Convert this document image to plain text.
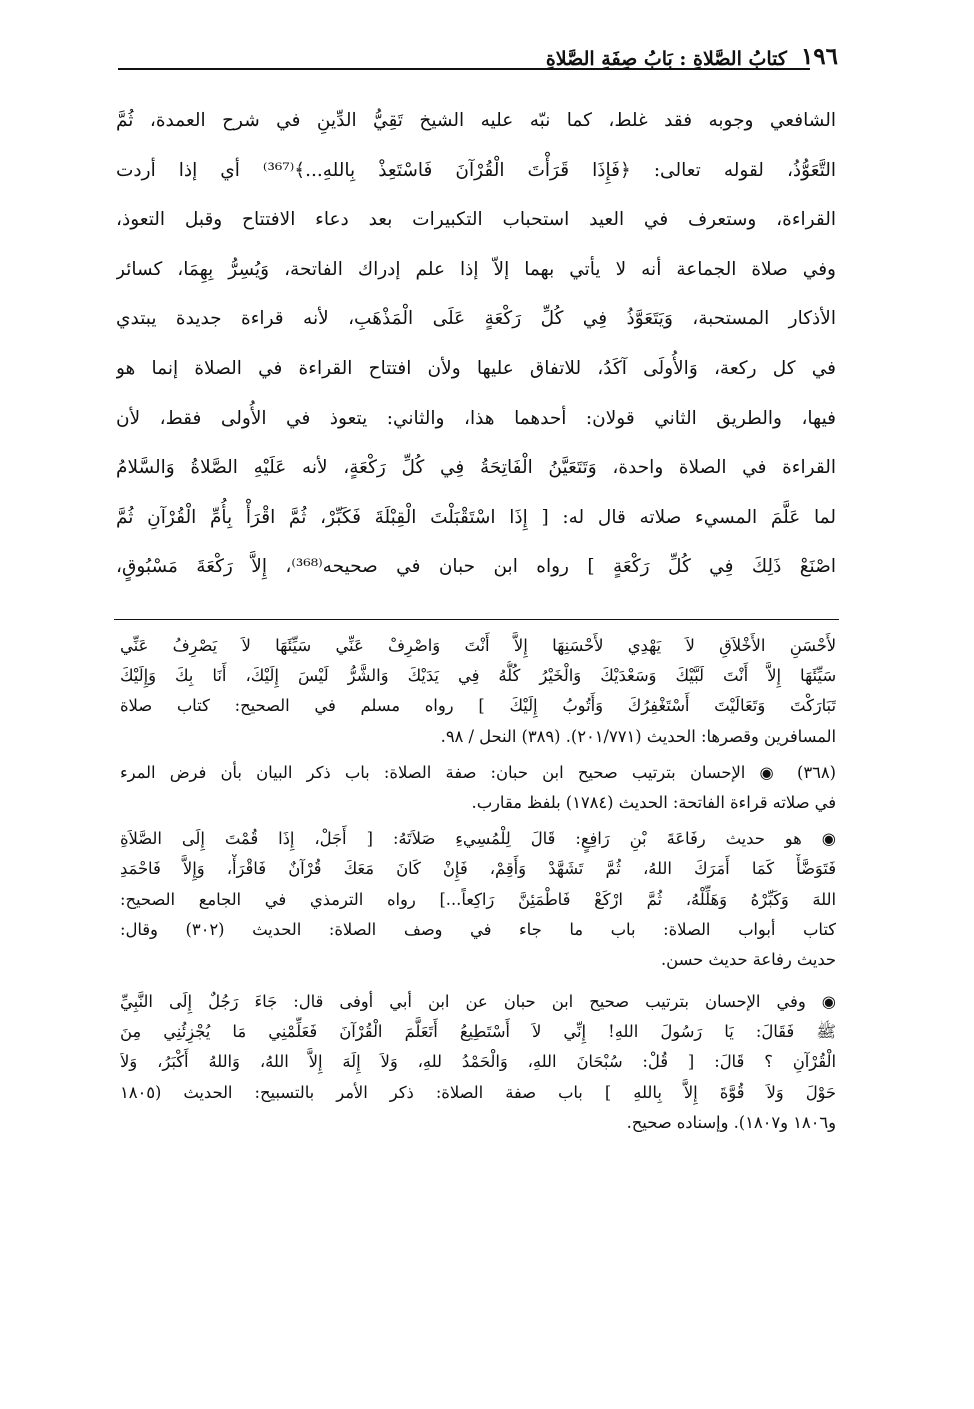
١٩٦
كتابُ الصَّلاةِ : بَابُ صِفَةِ الصَّلاةِ
الشافعي وجوبه فقد غلط، كما نبّه عليه الشيخ تَقِيُّ الدِّينِ في شرح العمدة، ثُمَّ
التَّعَوُّذُ، لقوله تعالى: ﴿فَإِذَا قَرَأْتَ الْقُرْآنَ فَاسْتَعِذْ بِاللهِ...﴾⁽³⁶⁷⁾ أي إذا أردت
القراءة، وستعرف في العيد استحباب التكبيرات بعد دعاء الافتتاح وقبل التعوذ،
وفي صلاة الجماعة أنه لا يأتي بهما إلاّ إذا علم إدراك الفاتحة، وَيُسِرُّ بِهِمَا، كسائر
الأذكار المستحبة، وَيَتَعَوَّذُ فِي كُلِّ رَكْعَةٍ عَلَى الْمَذْهَبِ، لأنه قراءة جديدة يبتدي
في كل ركعة، وَالأُولَى آكَدُ، للاتفاق عليها ولأن افتتاح القراءة في الصلاة إنما هو
فيها، والطريق الثاني قولان: أحدهما هذا، والثاني: يتعوذ في الأُولى فقط، لأن
القراءة في الصلاة واحدة، وَتَتَعَيَّنُ الْفَاتِحَةُ فِي كُلِّ رَكْعَةٍ، لأنه عَلَيْهِ الصَّلاةُ وَالسَّلامُ
لما عَلَّمَ المسيء صلاته قال له: [ إِذَا اسْتَقْبَلْتَ الْقِبْلَةَ فَكَبِّرْ، ثُمَّ اقْرَأْ بِأُمِّ الْقُرْآنِ ثُمَّ
اصْنَعْ ذَلِكَ فِي كُلِّ رَكْعَةٍ ] رواه ابن حبان في صحيحه⁽³⁶⁸⁾، إِلاَّ رَكْعَةَ مَسْبُوقٍ،
لأَحْسَنِ الأَخْلاَقِ لاَ يَهْدِي لأَحْسَنِهَا إِلاَّ أَنْتَ وَاصْرِفْ عَنِّي سَيِّئَهَا لاَ يَصْرِفُ عَنِّي
سَيِّئَهَا إِلاَّ أَنْتَ لَبَّيْكَ وَسَعْدَيْكَ وَالْخَيْرُ كُلُّهُ فِي يَدَيْكَ وَالشَّرُّ لَيْسَ إِلَيْكَ، أَنَا بِكَ وَإِلَيْكَ
تَبَارَكْتَ وَتَعَالَيْتَ أَسْتَغْفِرُكَ وَأَتُوبُ إِلَيْكَ ] رواه مسلم في الصحيح: كتاب صلاة
المسافرين وقصرها: الحديث (٢٠١/٧٧١). (٣٨٩) النحل / ٩٨.
(٣٦٨) ◉ الإحسان بترتيب صحيح ابن حبان: صفة الصلاة: باب ذكر البيان بأن فرض المرء
في صلاته قراءة الفاتحة: الحديث (١٧٨٤) بلفظ مقارب.
◉ هو حديث رفَاعَةَ بْنِ رَافِعٍ: قَالَ لِلْمُسِيءِ صَلاَتَهُ: [ أَجَلْ، إِذَا قُمْتَ إِلَى الصَّلاَةِ
فَتَوَضَّأْ كَمَا أَمَرَكَ اللهُ، ثُمَّ تَشَهَّدْ وَأَقِمْ، فَإِنْ كَانَ مَعَكَ قُرْآنٌ فَاقْرَأْ، وَإِلاَّ فَاحْمَدِ
اللهَ وَكَبِّرْهُ وَهَلِّلْهُ، ثُمَّ ارْكَعْ فَاطْمَئِنَّ رَاكِعاً...] رواه الترمذي في الجامع الصحيح:
كتاب أبواب الصلاة: باب ما جاء في وصف الصلاة: الحديث (٣٠٢) وقال:
حديث رفاعة حديث حسن.
◉ وفي الإحسان بترتيب صحيح ابن حبان عن ابن أبي أوفى قال: جَاءَ رَجُلٌ إِلَى النَّبِيِّ
ﷺ فَقَالَ: يَا رَسُولَ اللهِ! إِنِّي لاَ أَسْتَطِيعُ أَتَعَلَّمَ الْقُرْآنَ فَعَلِّمْنِي مَا يُجْزِئُنِي مِنَ
الْقُرْآنِ ؟ قَالَ: [ قُلْ: سُبْحَانَ اللهِ، وَالْحَمْدُ للهِ، وَلاَ إِلَهَ إِلاَّ اللهُ، وَاللهُ أَكْبَرُ، وَلاَ
حَوْلَ وَلاَ قُوَّةَ إِلاَّ بِاللهِ ] باب صفة الصلاة: ذكر الأمر بالتسبيح: الحديث (١٨٠٥
و١٨٠٦ و١٨٠٧). وإسناده صحيح.
